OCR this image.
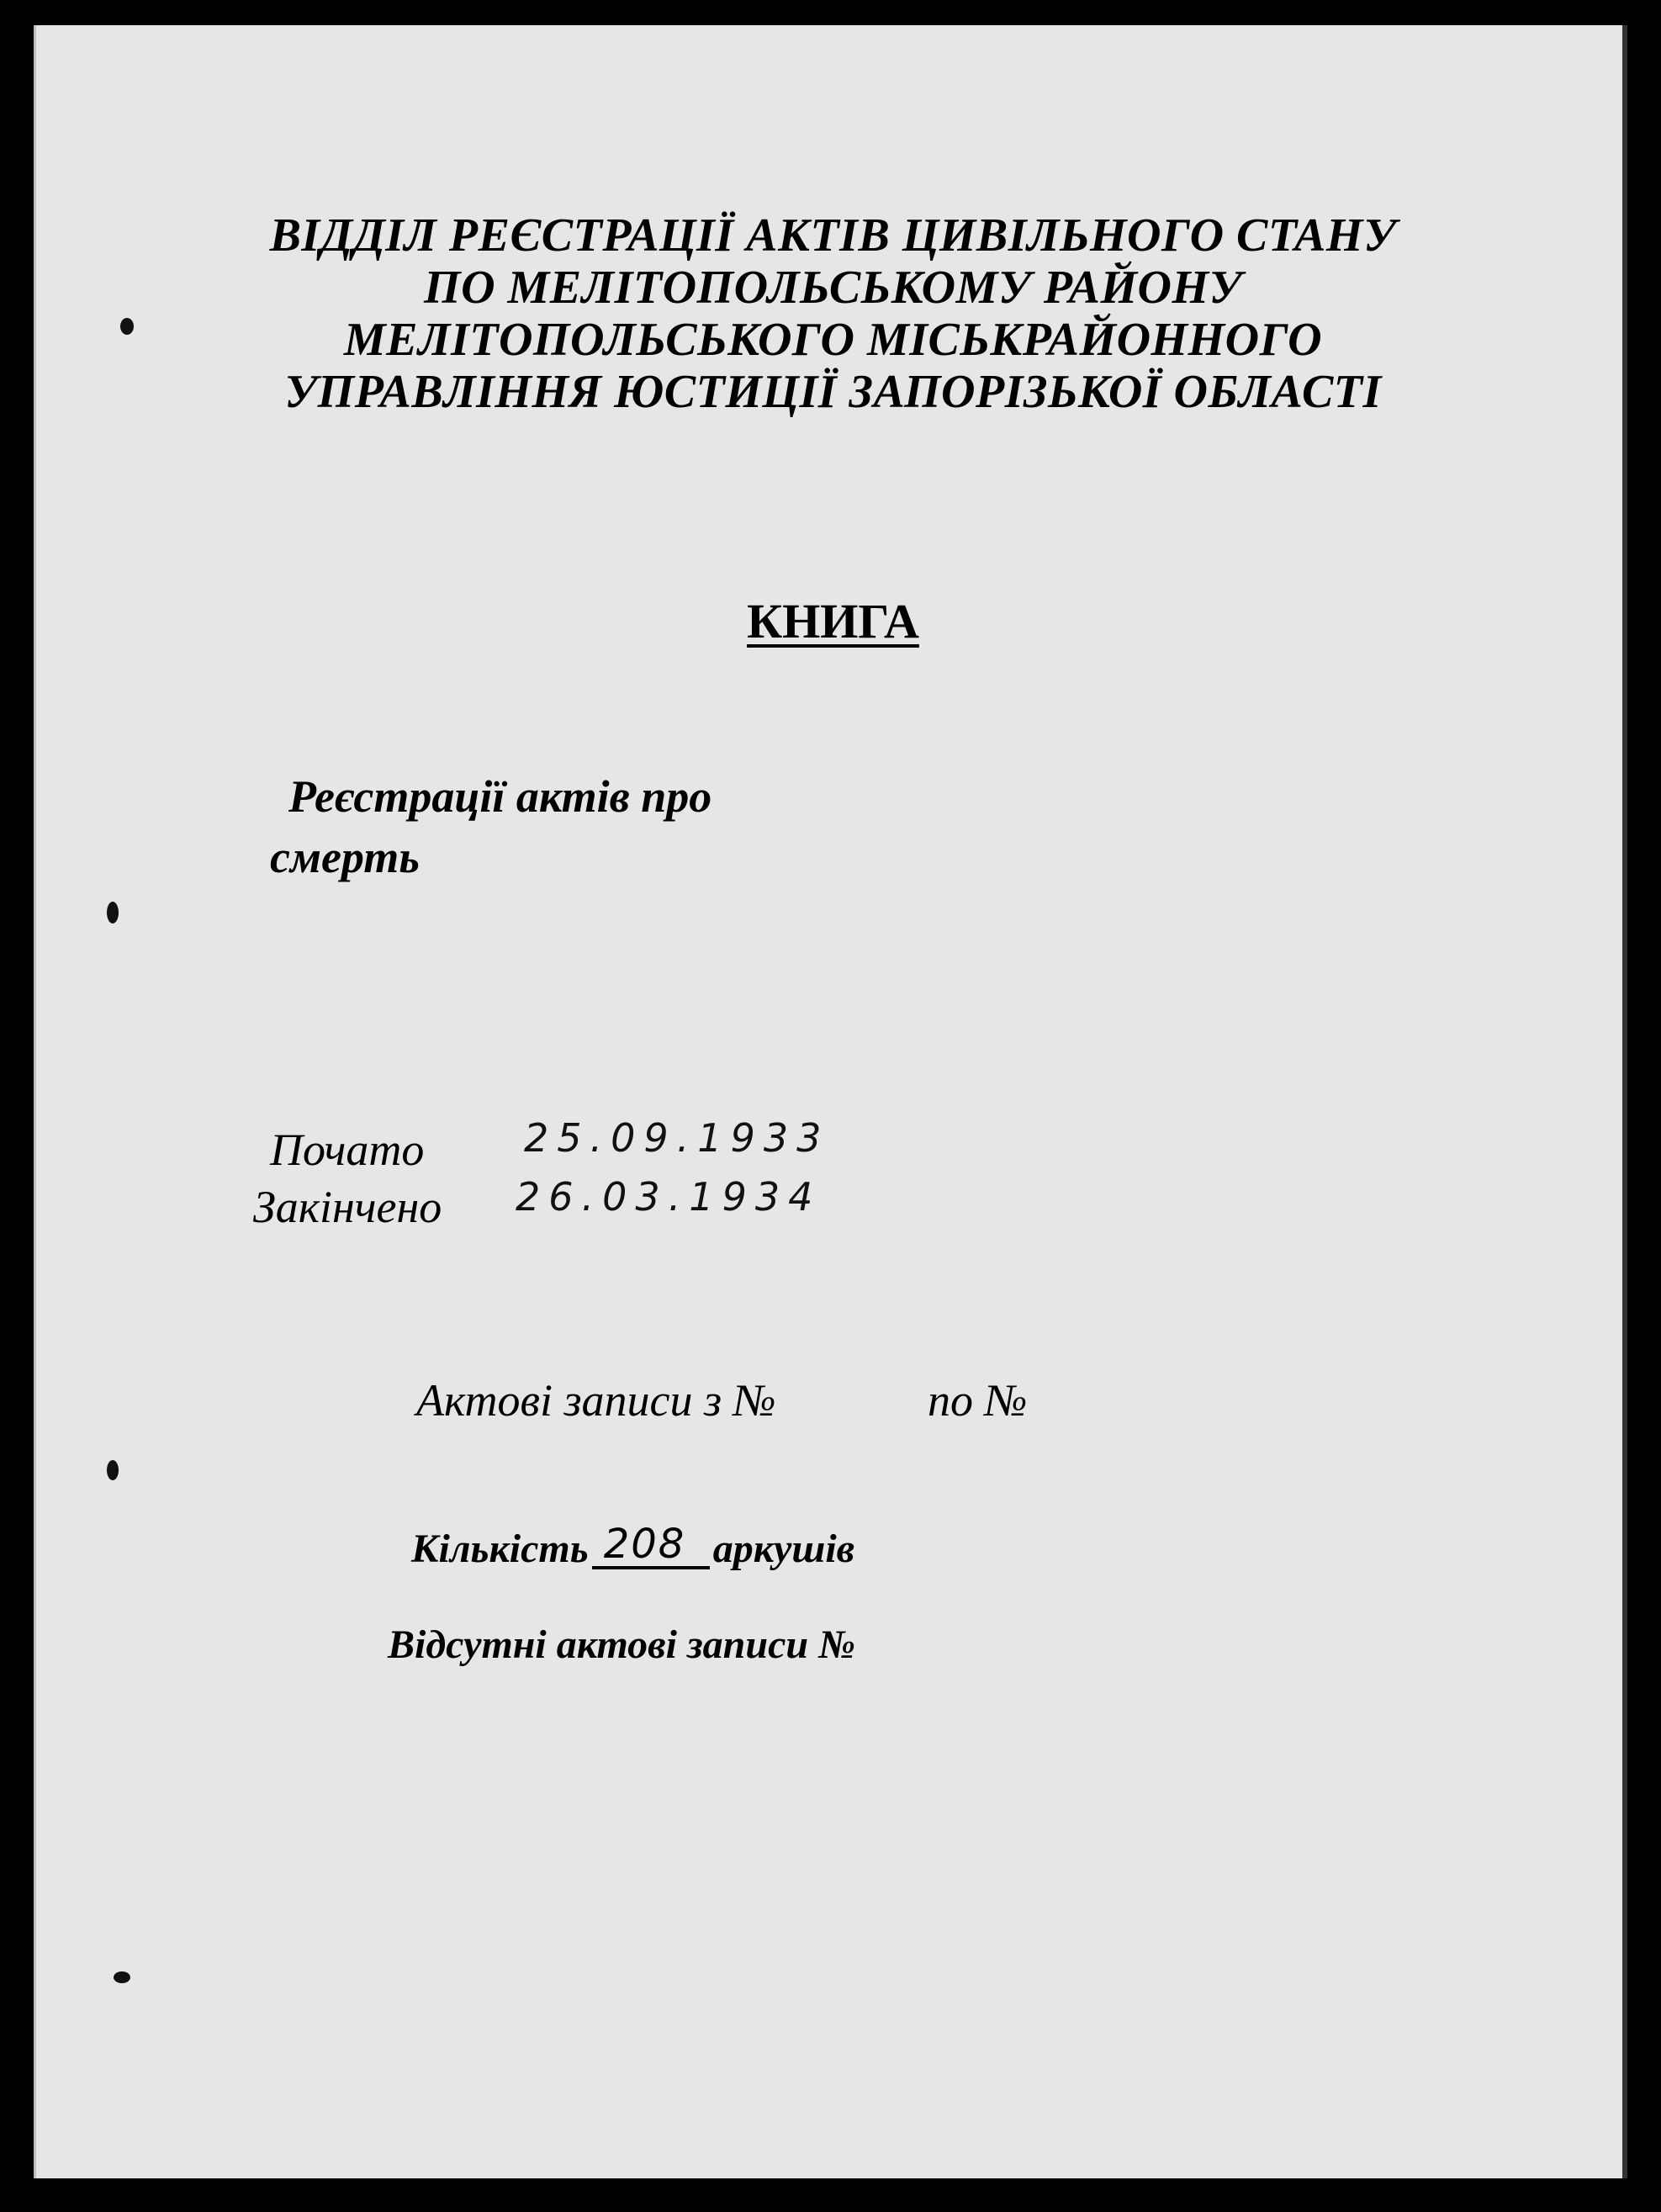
ВІДДІЛ РЕЄСТРАЦІЇ АКТІВ ЦИВІЛЬНОГО СТАНУ
ПО МЕЛІТОПОЛЬСЬКОМУ РАЙОНУ
МЕЛІТОПОЛЬСЬКОГО МІСЬКРАЙОННОГО
УПРАВЛІННЯ ЮСТИЦІЇ ЗАПОРІЗЬКОЇ ОБЛАСТІ
КНИГА
Реєстрації актів про
смерть
Почато	25.09.1933
Закінчено 26.03.1934
Актові записи з №	по №
Кількість 208 аркушів
Відсутні актові записи №
